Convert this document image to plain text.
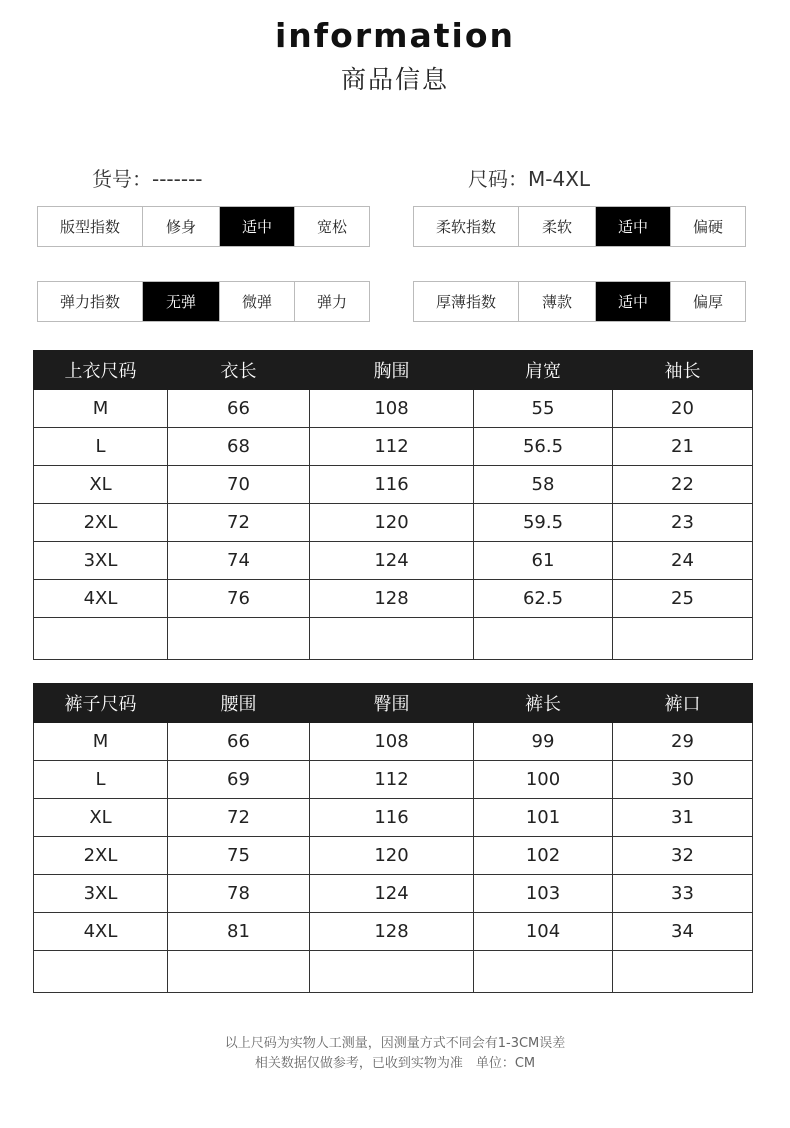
information
商品信息
货号：-------	尺码：M-4XL
版型指数	修身	适中	宽松	柔软指数	柔软	适中	偏硬
弹力指数	无弹	微弹	弹力	厚薄指数	薄款	适中	偏厚
上衣尺码	衣长	胸围	肩宽	袖长
M	66	108	55	20
L	68	112	56.5	21
XL	70	116	58	22
2XL	72	120	59.5	23
3XL	74	124	61	24
4XL	76	128	62.5	25

裤子尺码	腰围	臀围	裤长	裤口
M	66	108	99	29
L	69	112	100	30
XL	72	116	101	31
2XL	75	120	102	32
3XL	78	124	103	33
4XL	81	128	104	34

以上尺码为实物人工测量，因测量方式不同会有1-3CM误差
相关数据仅做参考，已收到实物为准　单位：CM
